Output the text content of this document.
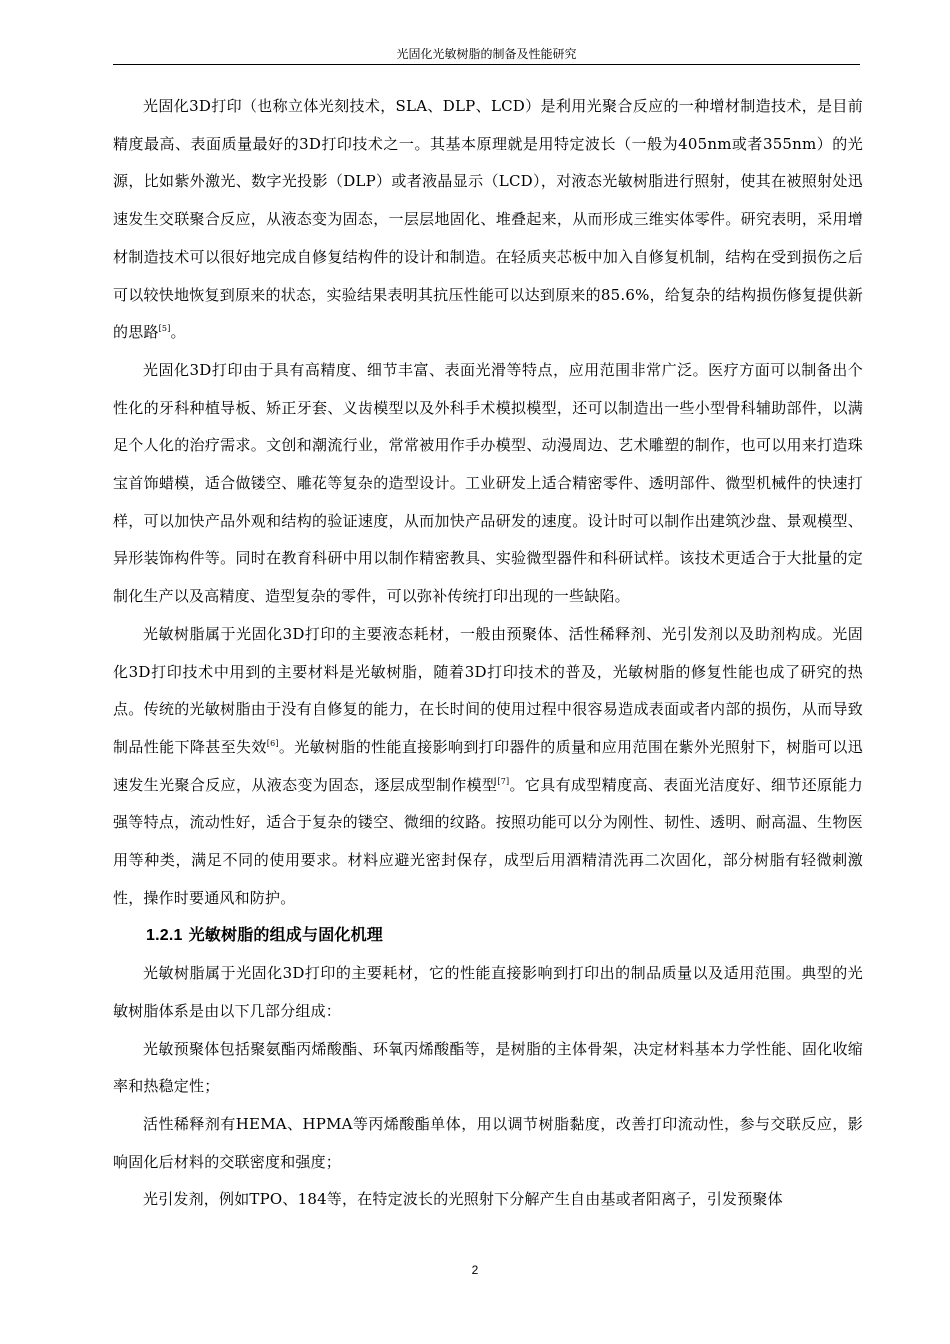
光固化光敏树脂的制备及性能研究

光固化3D打印（也称立体光刻技术，SLA、DLP、LCD）是利用光聚合反应的一种增材制造技术，是目前精度最高、表面质量最好的3D打印技术之一。其基本原理就是用特定波长（一般为405nm或者355nm）的光源，比如紫外激光、数字光投影（DLP）或者液晶显示（LCD），对液态光敏树脂进行照射，使其在被照射处迅速发生交联聚合反应，从液态变为固态，一层层地固化、堆叠起来，从而形成三维实体零件。研究表明，采用增材制造技术可以很好地完成自修复结构件的设计和制造。在轻质夹芯板中加入自修复机制，结构在受到损伤之后可以较快地恢复到原来的状态，实验结果表明其抗压性能可以达到原来的85.6%，给复杂的结构损伤修复提供新的思路[5]。

光固化3D打印由于具有高精度、细节丰富、表面光滑等特点，应用范围非常广泛。医疗方面可以制备出个性化的牙科种植导板、矫正牙套、义齿模型以及外科手术模拟模型，还可以制造出一些小型骨科辅助部件，以满足个人化的治疗需求。文创和潮流行业，常常被用作手办模型、动漫周边、艺术雕塑的制作，也可以用来打造珠宝首饰蜡模，适合做镂空、雕花等复杂的造型设计。工业研发上适合精密零件、透明部件、微型机械件的快速打样，可以加快产品外观和结构的验证速度，从而加快产品研发的速度。设计时可以制作出建筑沙盘、景观模型、异形装饰构件等。同时在教育科研中用以制作精密教具、实验微型器件和科研试样。该技术更适合于大批量的定制化生产以及高精度、造型复杂的零件，可以弥补传统打印出现的一些缺陷。

光敏树脂属于光固化3D打印的主要液态耗材，一般由预聚体、活性稀释剂、光引发剂以及助剂构成。光固化3D打印技术中用到的主要材料是光敏树脂，随着3D打印技术的普及，光敏树脂的修复性能也成了研究的热点。传统的光敏树脂由于没有自修复的能力，在长时间的使用过程中很容易造成表面或者内部的损伤，从而导致制品性能下降甚至失效[6]。光敏树脂的性能直接影响到打印器件的质量和应用范围在紫外光照射下，树脂可以迅速发生光聚合反应，从液态变为固态，逐层成型制作模型[7]。它具有成型精度高、表面光洁度好、细节还原能力强等特点，流动性好，适合于复杂的镂空、微细的纹路。按照功能可以分为刚性、韧性、透明、耐高温、生物医用等种类，满足不同的使用要求。材料应避光密封保存，成型后用酒精清洗再二次固化，部分树脂有轻微刺激性，操作时要通风和防护。

1.2.1 光敏树脂的组成与固化机理

光敏树脂属于光固化3D打印的主要耗材，它的性能直接影响到打印出的制品质量以及适用范围。典型的光敏树脂体系是由以下几部分组成：

光敏预聚体包括聚氨酯丙烯酸酯、环氧丙烯酸酯等，是树脂的主体骨架，决定材料基本力学性能、固化收缩率和热稳定性；

活性稀释剂有HEMA、HPMA等丙烯酸酯单体，用以调节树脂黏度，改善打印流动性，参与交联反应，影响固化后材料的交联密度和强度；

光引发剂，例如TPO、184等，在特定波长的光照射下分解产生自由基或者阳离子，引发预聚体

2
